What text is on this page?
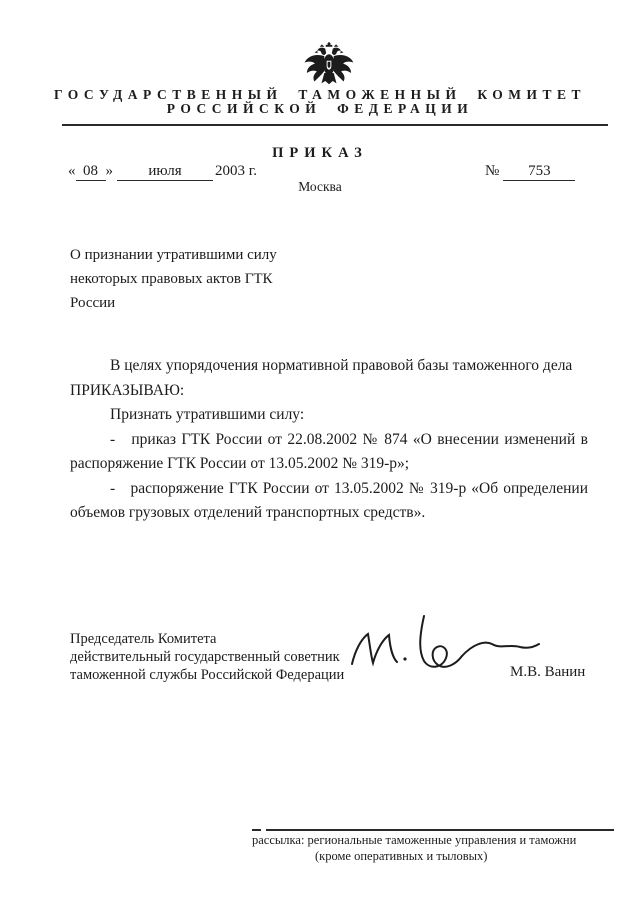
ГОСУДАРСТВЕННЫЙ ТАМОЖЕННЫЙ КОМИТЕТ
РОССИЙСКОЙ ФЕДЕРАЦИИ
ПРИКАЗ
« 08 » июля 2003 г.	№ 753
Москва
О признании утратившими силу некоторых правовых актов ГТК России

В целях упорядочения нормативной правовой базы таможенного дела

ПРИКАЗЫВАЮ:

Признать утратившими силу:

-   приказ ГТК России от 22.08.2002 № 874 «О внесении изменений в распоряжение ГТК России от 13.05.2002 № 319-р»;

-   распоряжение ГТК России от 13.05.2002 № 319-р «Об определении объемов грузовых отделений транспортных средств».

Председатель Комитета
действительный государственный советник
таможенной службы Российской Федерации	М.В. Ванин
рассылка: региональные таможенные управления и таможни
(кроме оперативных и тыловых)
